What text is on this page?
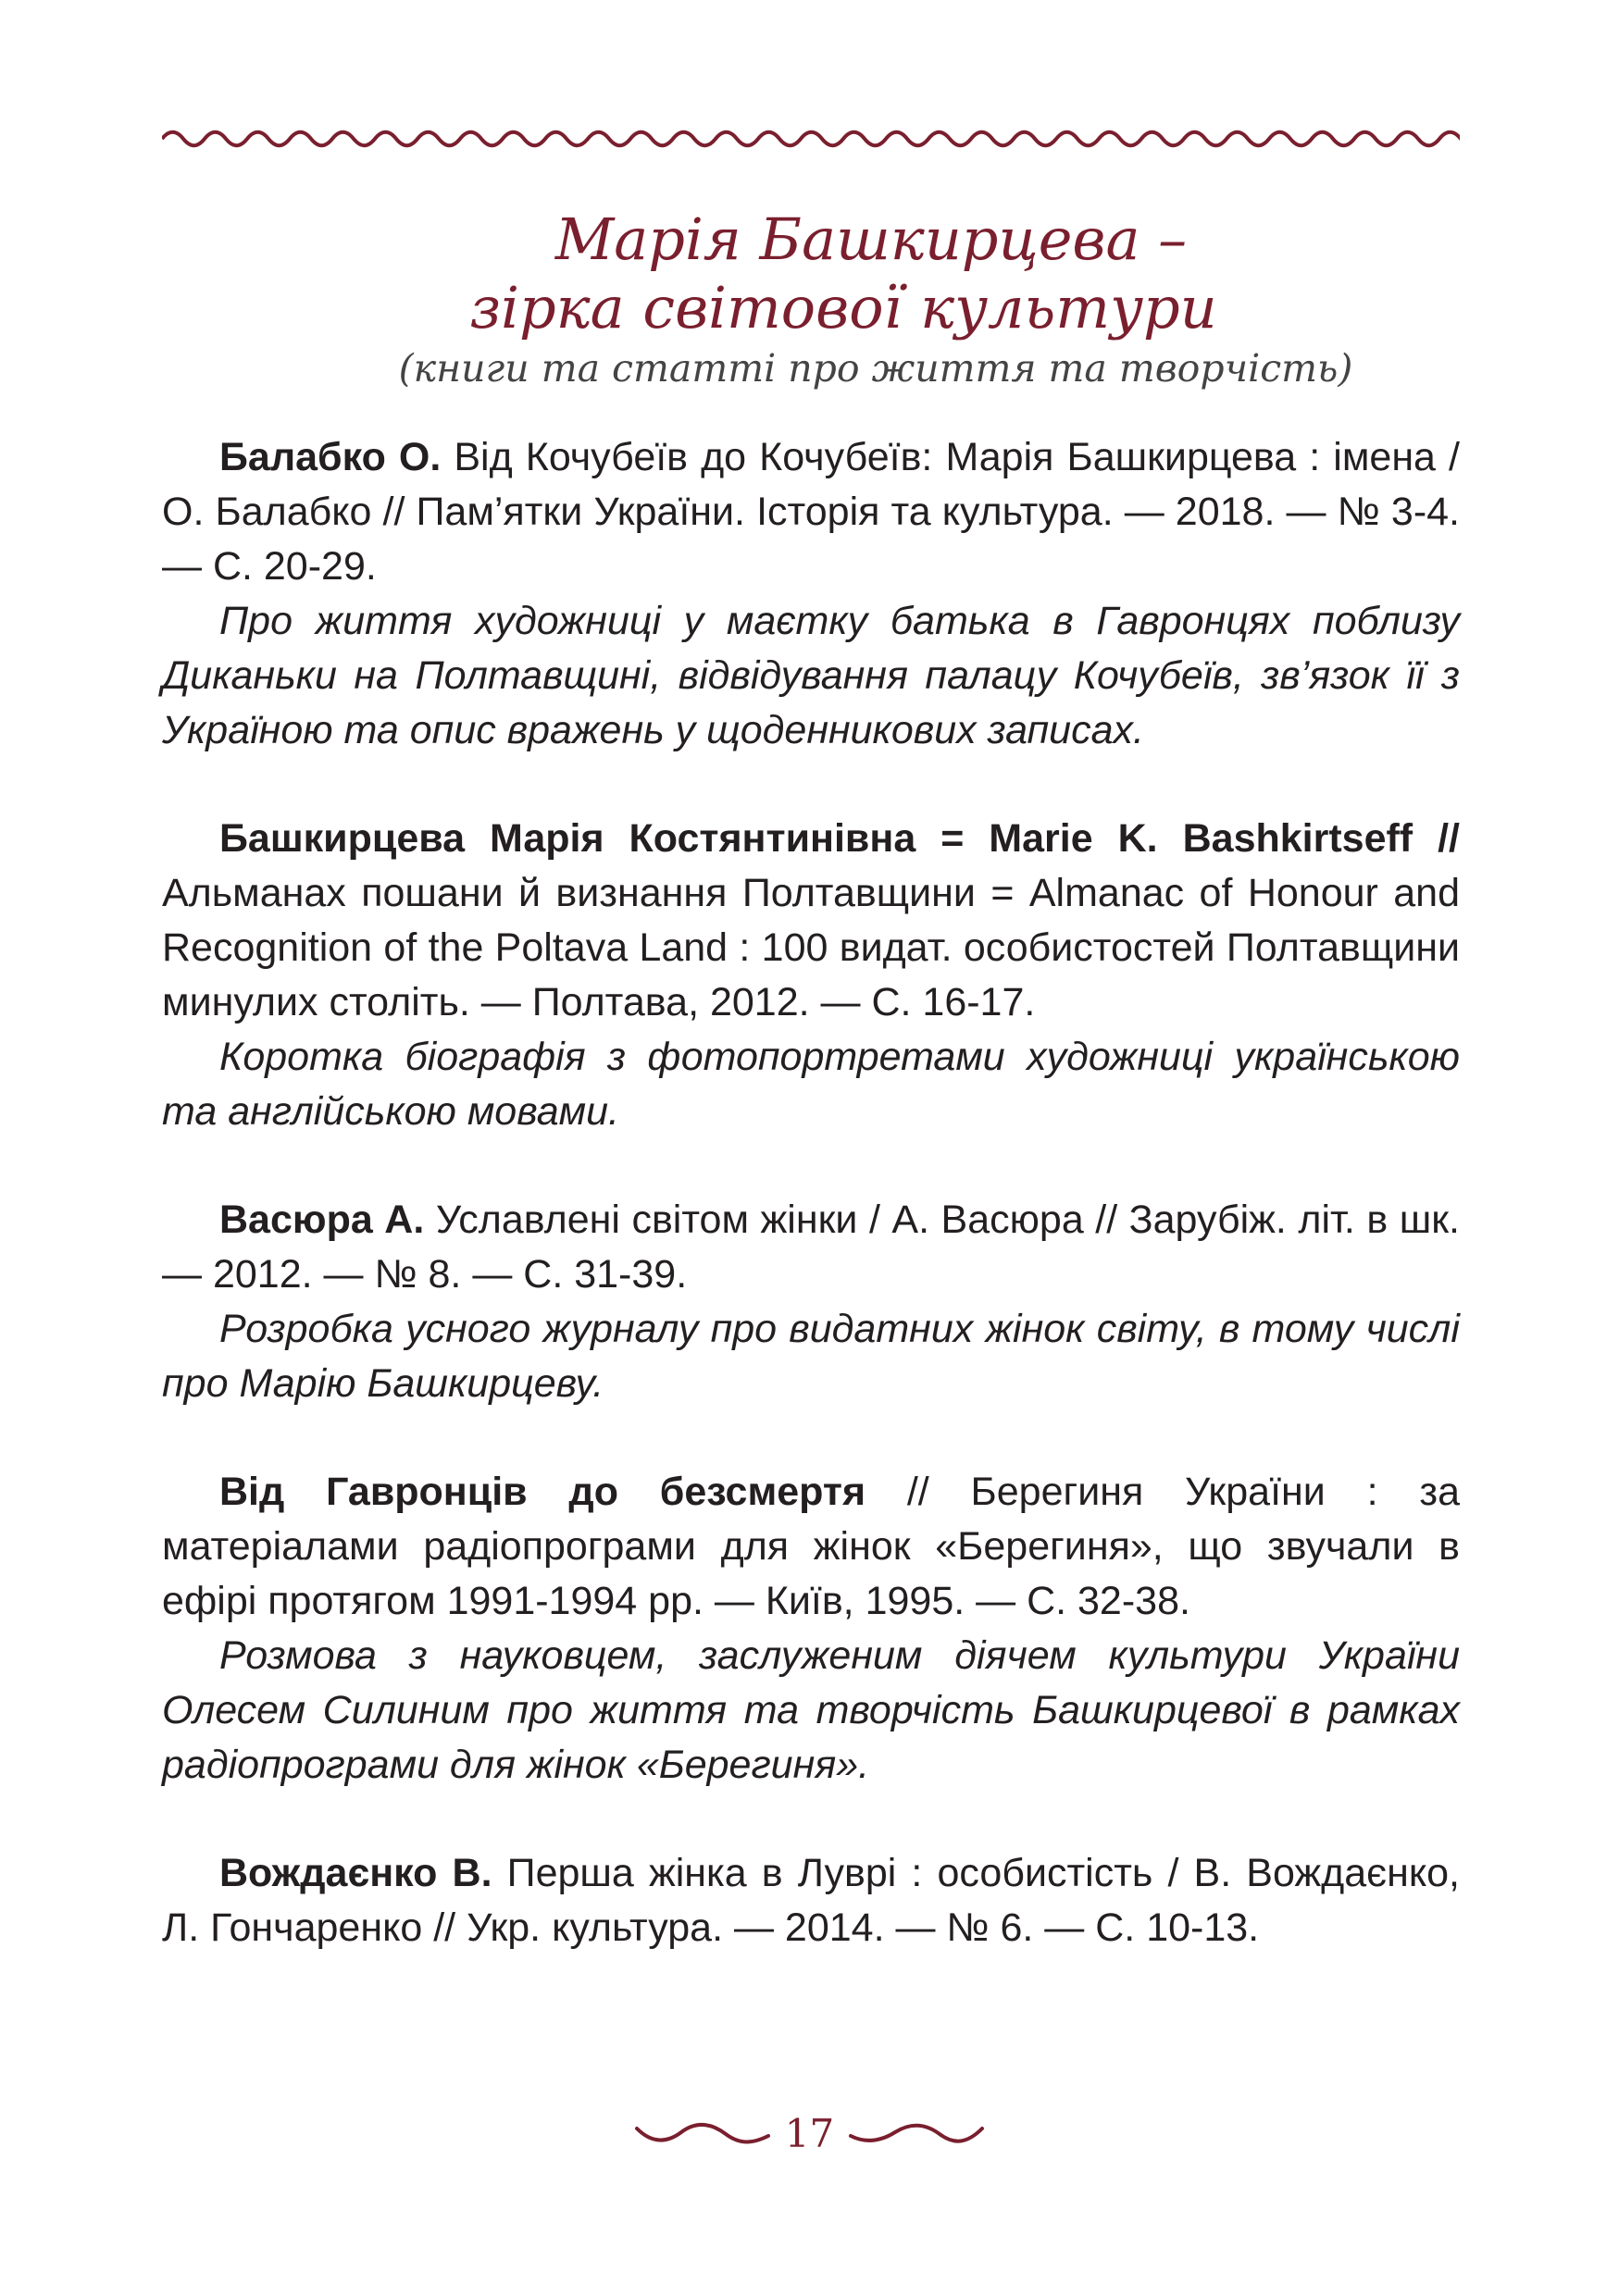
Марія Башкирцева –

зірка світової культури

(книги та статті про життя та творчість)

Балабко О. Від Кочубеїв до Кочубеїв: Марія Башкирцева : імена / О. Балабко // Пам’ятки України. Історія та культура. — 2018. — № 3-4. — С. 20-29.

Про життя художниці у маєтку батька в Гавронцях поблизу Диканьки на Полтавщині, відвідування палацу Кочубеїв, зв’язок її з Україною та опис вражень у щоденникових записах.

Башкирцева Марія Костянтинівна = Marie K. Bashkirtseff // Альманах пошани й визнання Полтавщини = Almanac of Honour and Recognition of the Poltava Land : 100 видат. особистостей Полтавщини минулих століть. — Полтава, 2012. — С. 16-17.

Коротка біографія з фотопортретами художниці українською та англійською мовами.

Васюра А. Уславлені світом жінки / А. Васюра // Зарубіж. літ. в шк. — 2012. — № 8. — С. 31-39.

Розробка усного журналу про видатних жінок світу, в тому числі про Марію Башкирцеву.

Від Гавронців до безсмертя // Берегиня України : за матеріалами радіопрограми для жінок «Берегиня», що звучали в ефірі протягом 1991-1994 рр. — Київ, 1995. — С. 32-38.

Розмова з науковцем, заслуженим діячем культури України Олесем Силиним про життя та творчість Башкирцевої в рамках радіопрограми для жінок «Берегиня».

Вождаєнко В. Перша жінка в Луврі : особистість / В. Вождаєнко, Л. Гончаренко // Укр. культура. — 2014. — № 6. — С. 10-13.

17
